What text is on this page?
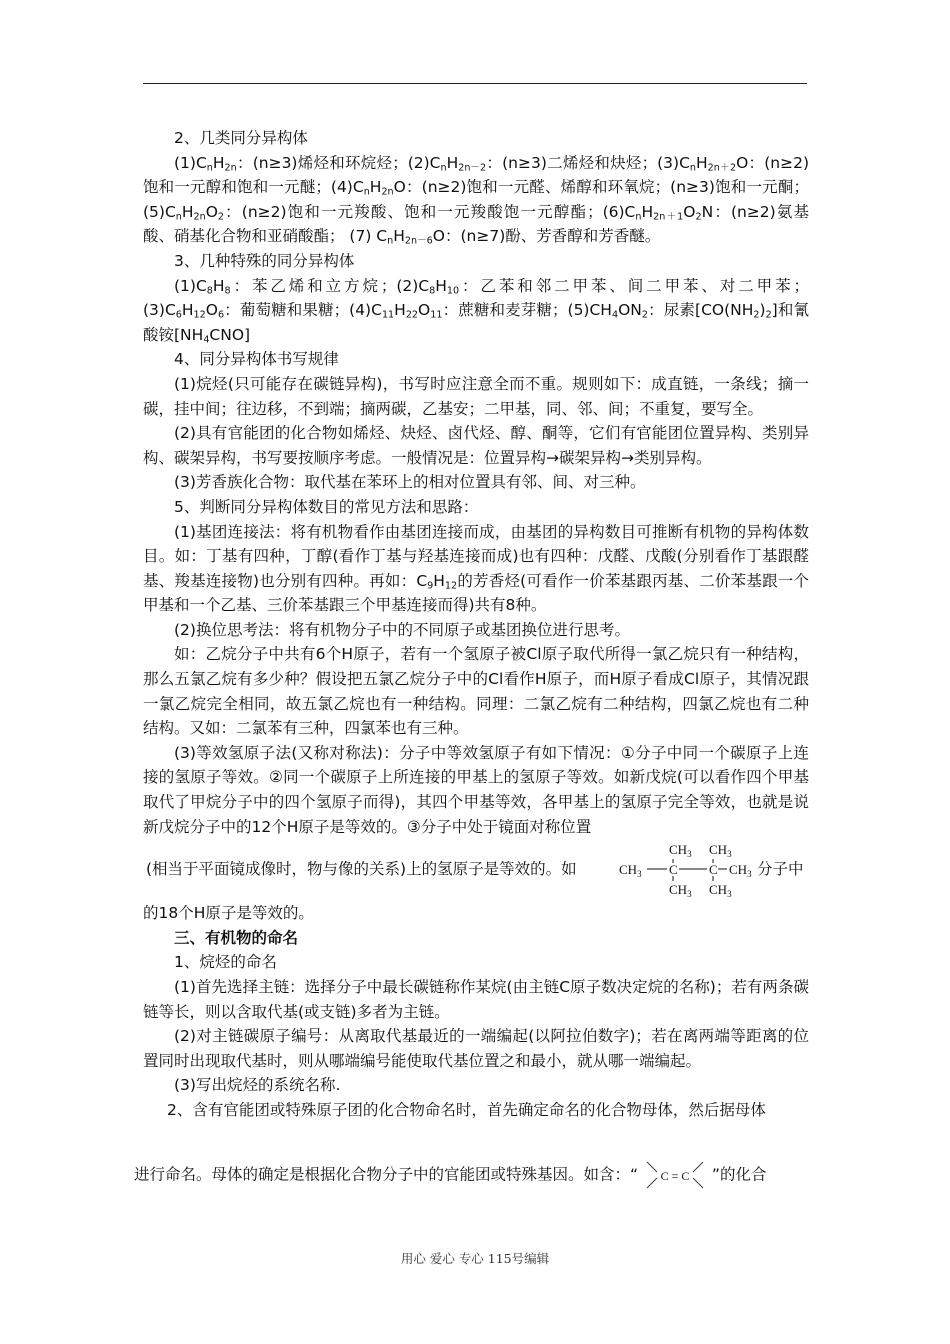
2、几类同分异构体

$(1)C_nH_{2n}$：(n≥3)烯烃和环烷烃；$(2)C_nH_{2n-2}$：(n≥3)二烯烃和炔烃；$(3)C_nH_{2n+2}O$：(n≥2)饱和一元醇和饱和一元醚；$(4)C_nH_{2n}O$：(n≥2)饱和一元醛、烯醇和环氧烷；(n≥3)饱和一元酮；$(5)C_nH_{2n}O_2$：(n≥2)饱和一元羧酸、饱和一元羧酸饱一元醇酯；$(6)C_nH_{2n+1}O_2N$：(n≥2)氨基酸、硝基化合物和亚硝酸酯； (7) $C_nH_{2n-6}O$：(n≥7)酚、芳香醇和芳香醚。

3、几种特殊的同分异构体

$(1)C_8H_8$：苯乙烯和立方烷；$(2)C_8H_{10}$：乙苯和邻二甲苯、间二甲苯、对二甲苯；$(3)C_6H_{12}O_6$：葡萄糖和果糖；$(4)C_{11}H_{22}O_{11}$：蔗糖和麦芽糖；$(5)CH_4ON_2$：尿素$[CO(NH_2)_2]$和氰酸铵$[NH_4CNO]$

4、同分异构体书写规律

(1)烷烃(只可能存在碳链异构)，书写时应注意全而不重。规则如下：成直链，一条线；摘一碳，挂中间；往边移，不到端；摘两碳，乙基安；二甲基，同、邻、间；不重复，要写全。

(2)具有官能团的化合物如烯烃、炔烃、卤代烃、醇、酮等，它们有官能团位置异构、类别异构、碳架异构，书写要按顺序考虑。一般情况是：位置异构→碳架异构→类别异构。

(3)芳香族化合物：取代基在苯环上的相对位置具有邻、间、对三种。

5、判断同分异构体数目的常见方法和思路：

(1)基团连接法：将有机物看作由基团连接而成，由基团的异构数目可推断有机物的异构体数目。如：丁基有四种，丁醇(看作丁基与羟基连接而成)也有四种：戊醛、戊酸(分别看作丁基跟醛基、羧基连接物)也分别有四种。再如：$C_9H_{12}$的芳香烃(可看作一价苯基跟丙基、二价苯基跟一个甲基和一个乙基、三价苯基跟三个甲基连接而得)共有8种。

(2)换位思考法：将有机物分子中的不同原子或基团换位进行思考。

如：乙烷分子中共有6个H原子，若有一个氢原子被Cl原子取代所得一氯乙烷只有一种结构，那么五氯乙烷有多少种？假设把五氯乙烷分子中的Cl看作H原子，而H原子看成Cl原子，其情况跟一氯乙烷完全相同，故五氯乙烷也有一种结构。同理：二氯乙烷有二种结构，四氯乙烷也有二种结构。又如：二氯苯有三种，四氯苯也有三种。

(3)等效氢原子法(又称对称法)：分子中等效氢原子有如下情况：①分子中同一个碳原子上连接的氢原子等效。②同一个碳原子上所连接的甲基上的氢原子等效。如新戊烷(可以看作四个甲基取代了甲烷分子中的四个氢原子而得)，其四个甲基等效，各甲基上的氢原子完全等效，也就是说新戊烷分子中的12个H原子是等效的。③分子中处于镜面对称位置

(相当于平面镜成像时，物与像的关系)上的氢原子是等效的。如
$CH_3$ $CH_3$
$CH_3$	$CH_3$
C C
$CH_3$ $CH_3$
分子中

的18个H原子是等效的。

三、有机物的命名

1、烷烃的命名

(1)首先选择主链：选择分子中最长碳链称作某烷(由主链C原子数决定烷的名称)；若有两条碳链等长，则以含取代基(或支链)多者为主链。

(2)对主链碳原子编号：从离取代基最近的一端编起(以阿拉伯数字)；若在离两端等距离的位置同时出现取代基时，则从哪端编号能使取代基位置之和最小，就从哪一端编起。

(3)写出烷烃的系统名称.

2、含有官能团或特殊原子团的化合物命名时，首先确定命名的化合物母体，然后据母体

进行命名。母体的确定是根据化合物分子中的官能团或特殊基因。如含：“ C = C ”的化合
用心 爱心 专心 115号编辑
